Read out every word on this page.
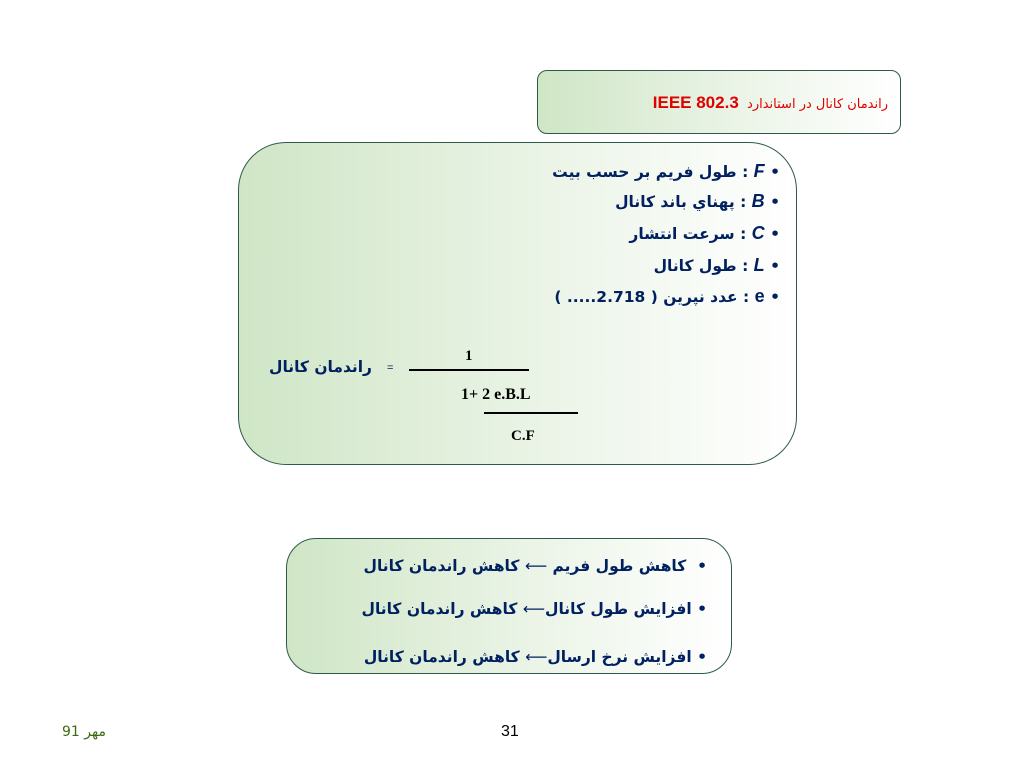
راندمان کانال در استاندارد  IEEE 802.3
• F : طول فريم بر حسب بيت
• B : پهناي باند کانال
• C : سرعت انتشار
• L : طول کانال
• e : عدد نپرين ( 2.718..... )
راندمان کانال =
1
1+ 2 e.B.L
C.F
•  کاهش طول فريم ⟵ کاهش راندمان کانال
• افزايش طول کانال⟵ کاهش راندمان کانال
• افزايش نرخ ارسال⟵ کاهش راندمان کانال
31
مهر 91
